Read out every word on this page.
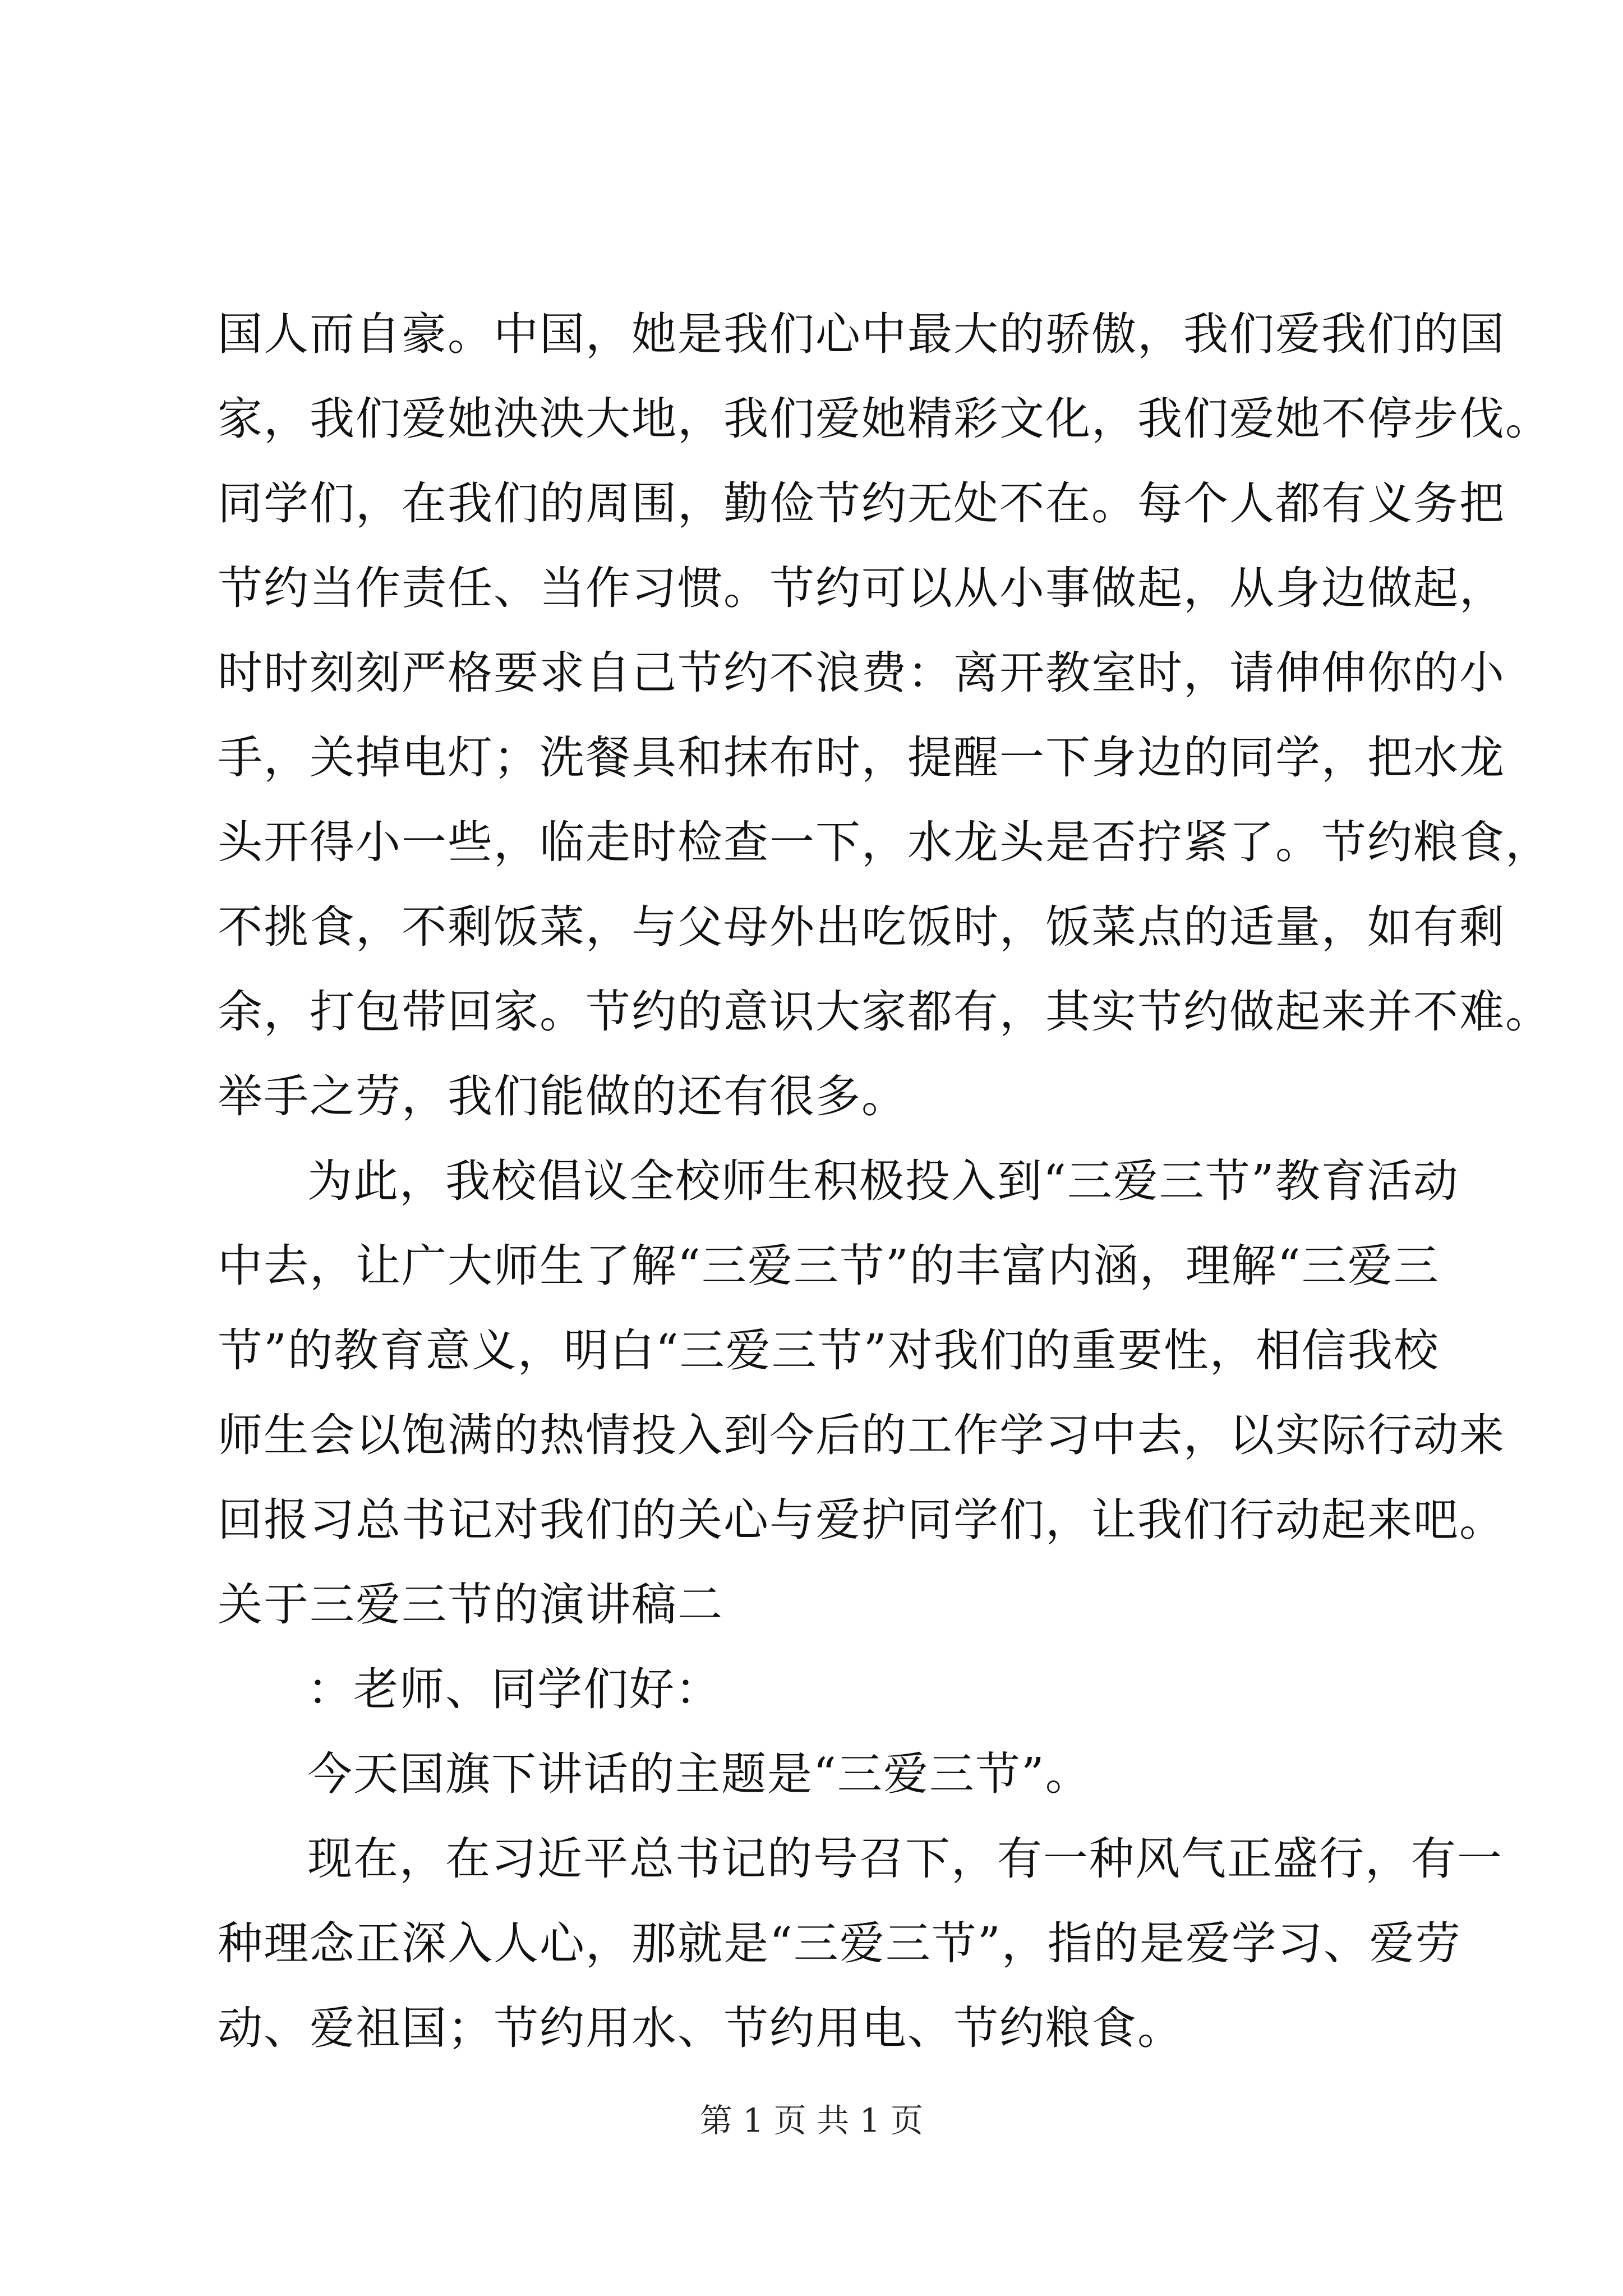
国人而自豪。中国，她是我们心中最大的骄傲，我们爱我们的国
家，我们爱她泱泱大地，我们爱她精彩文化，我们爱她不停步伐。
同学们，在我们的周围，勤俭节约无处不在。每个人都有义务把
节约当作责任、当作习惯。节约可以从小事做起，从身边做起，
时时刻刻严格要求自己节约不浪费：离开教室时，请伸伸你的小
手，关掉电灯；洗餐具和抹布时，提醒一下身边的同学，把水龙
头开得小一些，临走时检查一下，水龙头是否拧紧了。节约粮食，
不挑食，不剩饭菜，与父母外出吃饭时，饭菜点的适量，如有剩
余，打包带回家。节约的意识大家都有，其实节约做起来并不难。
举手之劳，我们能做的还有很多。
为此，我校倡议全校师生积极投入到“三爱三节”教育活动
中去，让广大师生了解“三爱三节”的丰富内涵，理解“三爱三
节”的教育意义，明白“三爱三节”对我们的重要性，相信我校
师生会以饱满的热情投入到今后的工作学习中去，以实际行动来
回报习总书记对我们的关心与爱护同学们，让我们行动起来吧。
关于三爱三节的演讲稿二
：老师、同学们好：
今天国旗下讲话的主题是“三爱三节”。
现在，在习近平总书记的号召下，有一种风气正盛行，有一
种理念正深入人心，那就是“三爱三节”，指的是爱学习、爱劳
动、爱祖国；节约用水、节约用电、节约粮食。
第 1 页 共 1 页
